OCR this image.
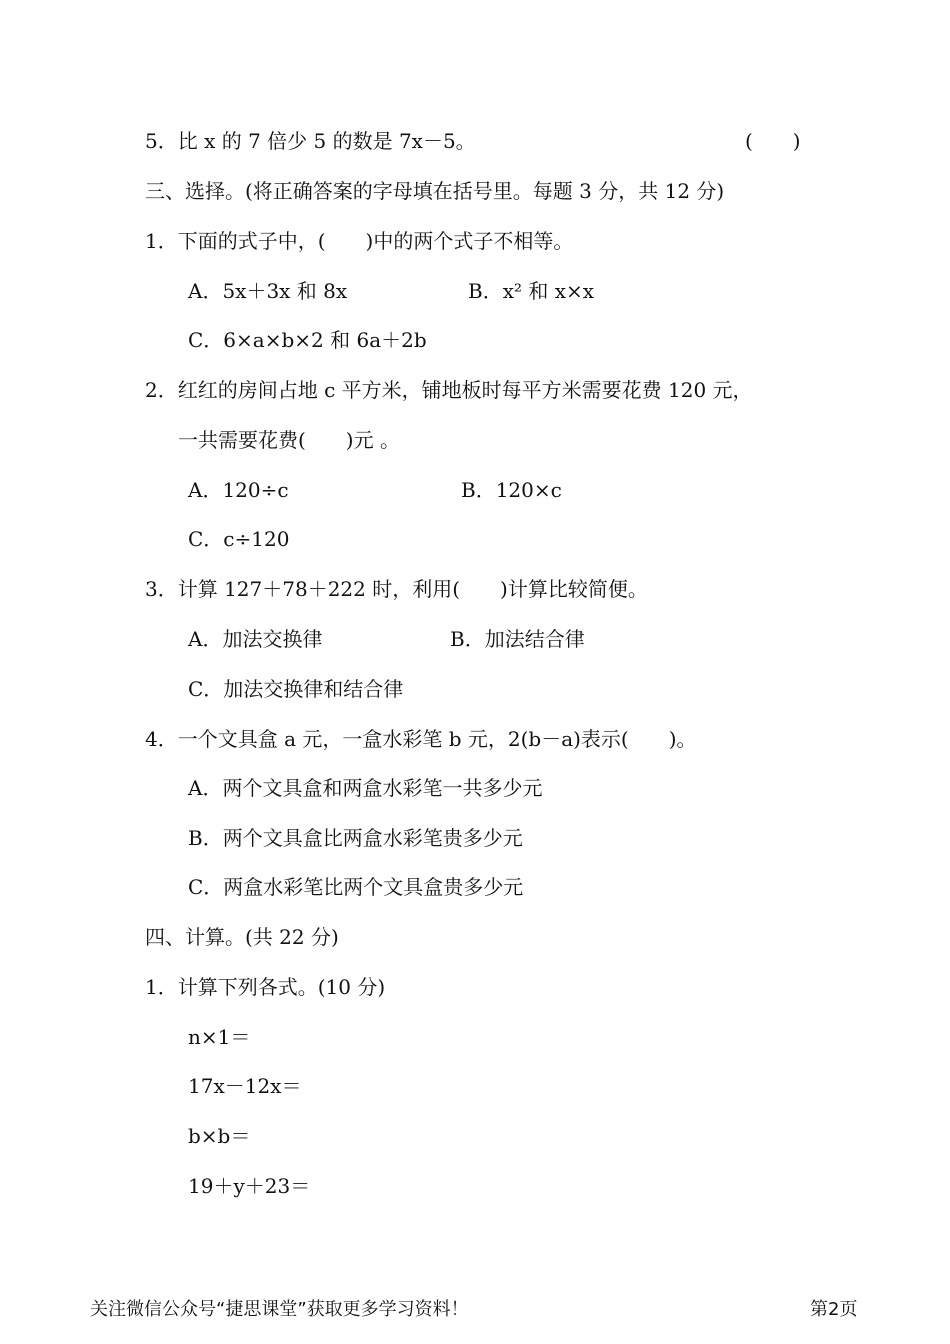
5．比 x 的 7 倍少 5 的数是 7x－5。	(　　)
三、选择。(将正确答案的字母填在括号里。每题 3 分，共 12 分)
1．下面的式子中，(　　)中的两个式子不相等。
A．5x＋3x 和 8x	B．x² 和 x×x
C．6×a×b×2 和 6a＋2b
2．红红的房间占地 c 平方米，铺地板时每平方米需要花费 120 元，
一共需要花费(　　)元 。
A．120÷c	B．120×c
C．c÷120
3．计算 127＋78＋222 时，利用(　　)计算比较简便。
A．加法交换律	B．加法结合律
C．加法交换律和结合律
4．一个文具盒 a 元，一盒水彩笔 b 元，2(b－a)表示(　　)。
A．两个文具盒和两盒水彩笔一共多少元
B．两个文具盒比两盒水彩笔贵多少元
C．两盒水彩笔比两个文具盒贵多少元
四、计算。(共 22 分)
1．计算下列各式。(10 分)
n×1＝
17x－12x＝
b×b＝
19＋y＋23＝
关注微信公众号“捷思课堂”获取更多学习资料！	第2页
